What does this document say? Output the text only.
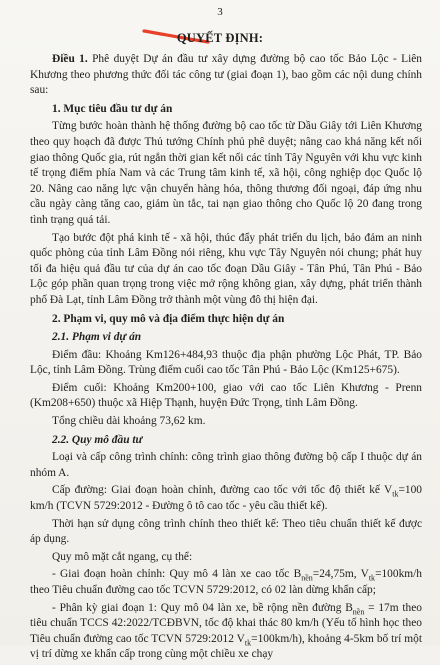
3
QUYẾT ĐỊNH:

Điều 1. Phê duyệt Dự án đầu tư xây dựng đường bộ cao tốc Bảo Lộc - Liên Khương theo phương thức đối tác công tư (giai đoạn 1), bao gồm các nội dung chính sau:

1. Mục tiêu đầu tư dự án

Từng bước hoàn thành hệ thống đường bộ cao tốc từ Dầu Giây tới Liên Khương theo quy hoạch đã được Thủ tướng Chính phủ phê duyệt; nâng cao khả năng kết nối giao thông Quốc gia, rút ngắn thời gian kết nối các tỉnh Tây Nguyên với khu vực kinh tế trọng điểm phía Nam và các Trung tâm kinh tế, xã hội, công nghiệp dọc Quốc lộ 20. Nâng cao năng lực vận chuyển hàng hóa, thông thương đối ngoại, đáp ứng nhu cầu ngày càng tăng cao, giảm ùn tắc, tai nạn giao thông cho Quốc lộ 20 đang trong tình trạng quá tải.

Tạo bước đột phá kinh tế - xã hội, thúc đẩy phát triển du lịch, bảo đảm an ninh quốc phòng của tỉnh Lâm Đồng nói riêng, khu vực Tây Nguyên nói chung; phát huy tối đa hiệu quả đầu tư của dự án cao tốc đoạn Dầu Giây - Tân Phú, Tân Phú - Bảo Lộc góp phần quan trọng trong việc mở rộng không gian, xây dựng, phát triển thành phố Đà Lạt, tỉnh Lâm Đồng trở thành một vùng đô thị hiện đại.

2. Phạm vi, quy mô và địa điểm thực hiện dự án

2.1. Phạm vi dự án

Điểm đầu: Khoảng Km126+484,93 thuộc địa phận phường Lộc Phát, TP. Bảo Lộc, tỉnh Lâm Đồng. Trùng điểm cuối cao tốc Tân Phú - Bảo Lộc (Km125+675).

Điểm cuối: Khoảng Km200+100, giao với cao tốc Liên Khương - Prenn (Km208+650) thuộc xã Hiệp Thạnh, huyện Đức Trọng, tỉnh Lâm Đồng.

Tổng chiều dài khoảng 73,62 km.

2.2. Quy mô đầu tư

Loại và cấp công trình chính: công trình giao thông đường bộ cấp I thuộc dự án nhóm A.

Cấp đường: Giai đoạn hoàn chỉnh, đường cao tốc với tốc độ thiết kế $V_{tk}=100$ km/h (TCVN 5729:2012 - Đường ô tô cao tốc - yêu cầu thiết kế).

Thời hạn sử dụng công trình chính theo thiết kế: Theo tiêu chuẩn thiết kế được áp dụng.

Quy mô mặt cắt ngang, cụ thể:

- Giai đoạn hoàn chỉnh: Quy mô 4 làn xe cao tốc $B_{nền}=24,75m$, $V_{tk}=100km/h$ theo Tiêu chuẩn đường cao tốc TCVN 5729:2012, có 02 làn dừng khẩn cấp;

- Phân kỳ giai đoạn 1: Quy mô 04 làn xe, bề rộng nền đường $B_{nền} = 17m$ theo tiêu chuẩn TCCS 42:2022/TCĐBVN, tốc độ khai thác 80 km/h (Yếu tố hình học theo Tiêu chuẩn đường cao tốc TCVN 5729:2012 $V_{tk}=100km/h$), khoảng 4-5km bố trí một vị trí dừng xe khẩn cấp trong cùng một chiều xe chạy
